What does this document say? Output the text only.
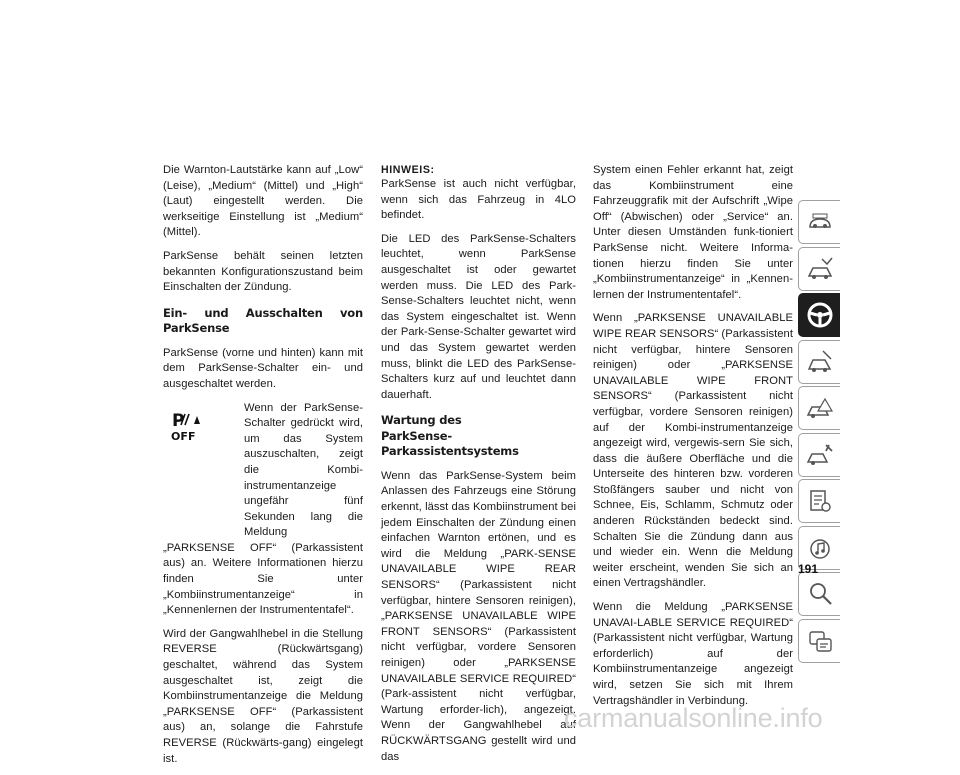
Die Warnton-Lautstärke kann auf „Low“ (Leise), „Medium“ (Mittel) und „High“ (Laut) eingestellt werden. Die werkseitige Einstellung ist „Medium“ (Mittel).

ParkSense behält seinen letzten bekannten Konfigurationszustand beim Einschalten der Zündung.

Ein- und Ausschalten von ParkSense

ParkSense (vorne und hinten) kann mit dem ParkSense-Schalter ein- und ausgeschaltet werden.

P
OFF

Wenn der ParkSense-Schalter gedrückt wird, um das System auszuschalten, zeigt die Kombi-instrumentanzeige ungefähr fünf Sekunden lang die Meldung

„PARKSENSE OFF“ (Parkassistent aus) an. Weitere Informationen hierzu finden Sie unter „Kombiinstrumentanzeige“ in „Kennenlernen der Instrumententafel“.

Wird der Gangwahlhebel in die Stellung REVERSE (Rückwärtsgang) geschaltet, während das System ausgeschaltet ist, zeigt die Kombiinstrumentanzeige die Meldung „PARKSENSE OFF“ (Parkassistent aus) an, solange die Fahrstufe REVERSE (Rückwärts-gang) eingelegt ist.

HINWEIS:

ParkSense ist auch nicht verfügbar, wenn sich das Fahrzeug in 4LO befindet.

Die LED des ParkSense-Schalters leuchtet, wenn ParkSense ausgeschaltet ist oder gewartet werden muss. Die LED des Park-Sense-Schalters leuchtet nicht, wenn das System eingeschaltet ist. Wenn der Park-Sense-Schalter gewartet wird und das System gewartet werden muss, blinkt die LED des ParkSense-Schalters kurz auf und leuchtet dann dauerhaft.

Wartung des
ParkSense-Parkassistentsystems

Wenn das ParkSense-System beim Anlassen des Fahrzeugs eine Störung erkennt, lässt das Kombiinstrument bei jedem Einschalten der Zündung einen einfachen Warnton ertönen, und es wird die Meldung „PARK-SENSE UNAVAILABLE WIPE REAR SENSORS“ (Parkassistent nicht verfügbar, hintere Sensoren reinigen), „PARKSENSE UNAVAILABLE WIPE FRONT SENSORS“ (Parkassistent nicht verfügbar, vordere Sensoren reinigen) oder „PARKSENSE UNAVAILABLE SERVICE REQUIRED“ (Park-assistent nicht verfügbar, Wartung erforder-lich), angezeigt. Wenn der Gangwahlhebel auf RÜCKWÄRTSGANG gestellt wird und das

System einen Fehler erkannt hat, zeigt das Kombiinstrument eine Fahrzeuggrafik mit der Aufschrift „Wipe Off“ (Abwischen) oder „Service“ an. Unter diesen Umständen funk-tioniert ParkSense nicht. Weitere Informa-tionen hierzu finden Sie unter „Kombiinstrumentanzeige“ in „Kennen-lernen der Instrumententafel“.

Wenn „PARKSENSE UNAVAILABLE WIPE REAR SENSORS“ (Parkassistent nicht verfügbar, hintere Sensoren reinigen) oder „PARKSENSE UNAVAILABLE WIPE FRONT SENSORS“ (Parkassistent nicht verfügbar, vordere Sensoren reinigen) auf der Kombi-instrumentanzeige angezeigt wird, vergewis-sern Sie sich, dass die äußere Oberfläche und die Unterseite des hinteren bzw. vorderen Stoßfängers sauber und nicht von Schnee, Eis, Schlamm, Schmutz oder anderen Rückständen bedeckt sind. Schalten Sie die Zündung dann aus und wieder ein. Wenn die Meldung weiter erscheint, wenden Sie sich an einen Vertragshändler.

Wenn die Meldung „PARKSENSE UNAVAI-LABLE SERVICE REQUIRED“ (Parkassistent nicht verfügbar, Wartung erforderlich) auf der Kombiinstrumentanzeige angezeigt wird, setzen Sie sich mit Ihrem Vertragshändler in Verbindung.

191
carmanualsonline.info
